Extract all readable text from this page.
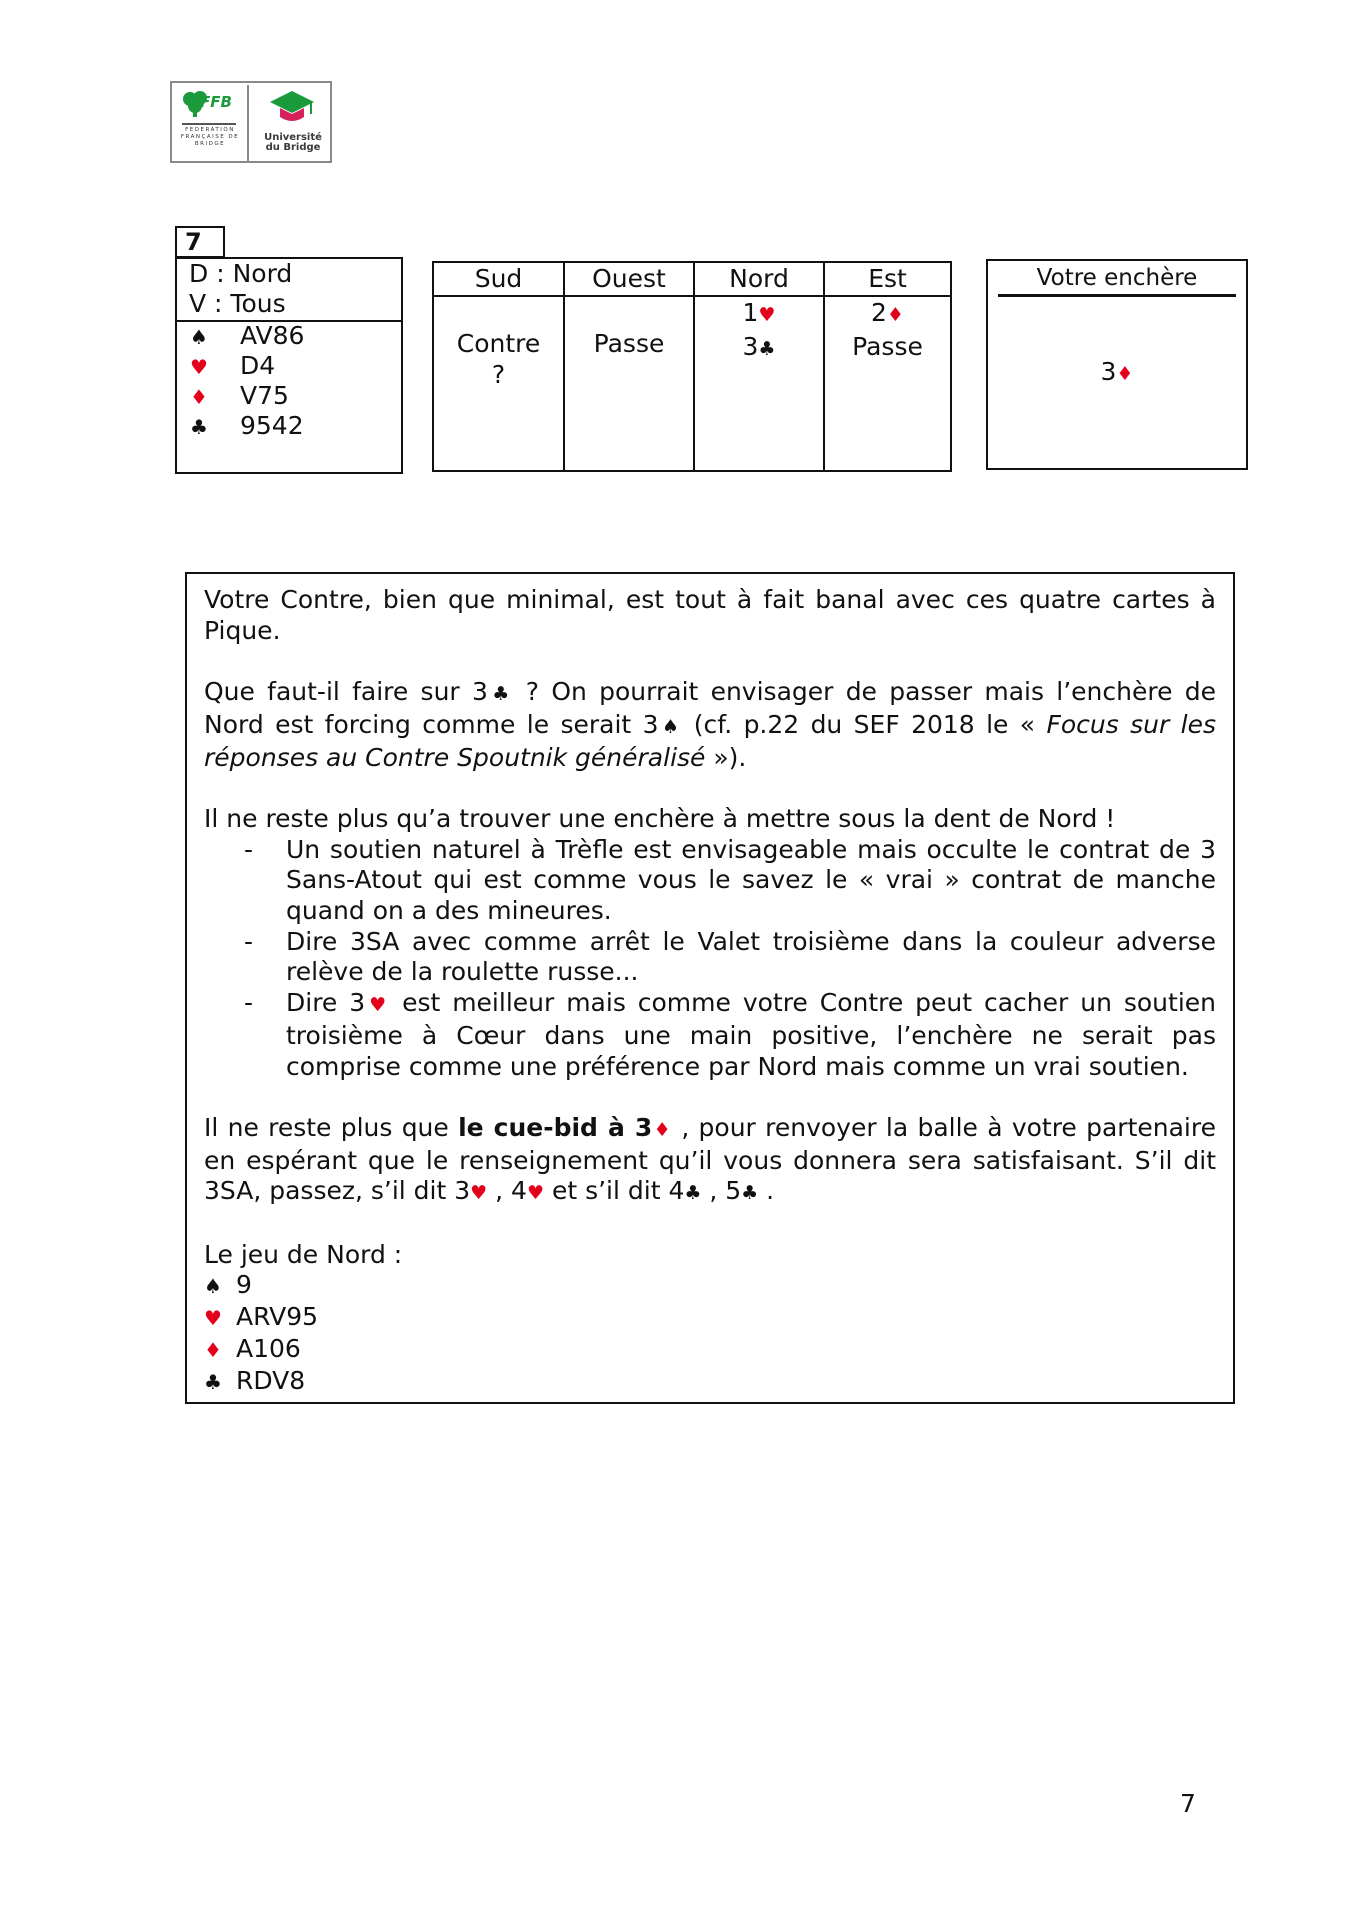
FFB
FEDERATION FRANÇAISE DE BRIDGE
Université du Bridge
7
D : Nord
V : Tous
♠ AV86
♥ D4
♦ V75
♣ 9542
Sud

Contre
?
Ouest

Passe
Nord
1♥
3♣
Est
2♦
Passe
Votre enchère
3♦

Votre Contre, bien que minimal, est tout à fait banal avec ces quatre cartes à Pique.

Que faut-il faire sur 3♣ ? On pourrait envisager de passer mais l’enchère de Nord est forcing comme le serait 3♠ (cf. p.22 du SEF 2018 le « Focus sur les réponses au Contre Spoutnik généralisé »).

Il ne reste plus qu’a trouver une enchère à mettre sous la dent de Nord !

- Un soutien naturel à Trèfle est envisageable mais occulte le contrat de 3 Sans-Atout qui est comme vous le savez le « vrai » contrat de manche quand on a des mineures.
- Dire 3SA avec comme arrêt le Valet troisième dans la couleur adverse relève de la roulette russe...
- Dire 3♥ est meilleur mais comme votre Contre peut cacher un soutien troisième à Cœur dans une main positive, l’enchère ne serait pas comprise comme une préférence par Nord mais comme un vrai soutien.

Il ne reste plus que le cue-bid à 3♦ , pour renvoyer la balle à votre partenaire en espérant que le renseignement qu’il vous donnera sera satisfaisant. S’il dit 3SA, passez, s’il dit 3♥ , 4♥ et s’il dit 4♣ , 5♣ .

Le jeu de Nord :

♠ 9
♥ ARV95
♦ A106
♣ RDV8
7
